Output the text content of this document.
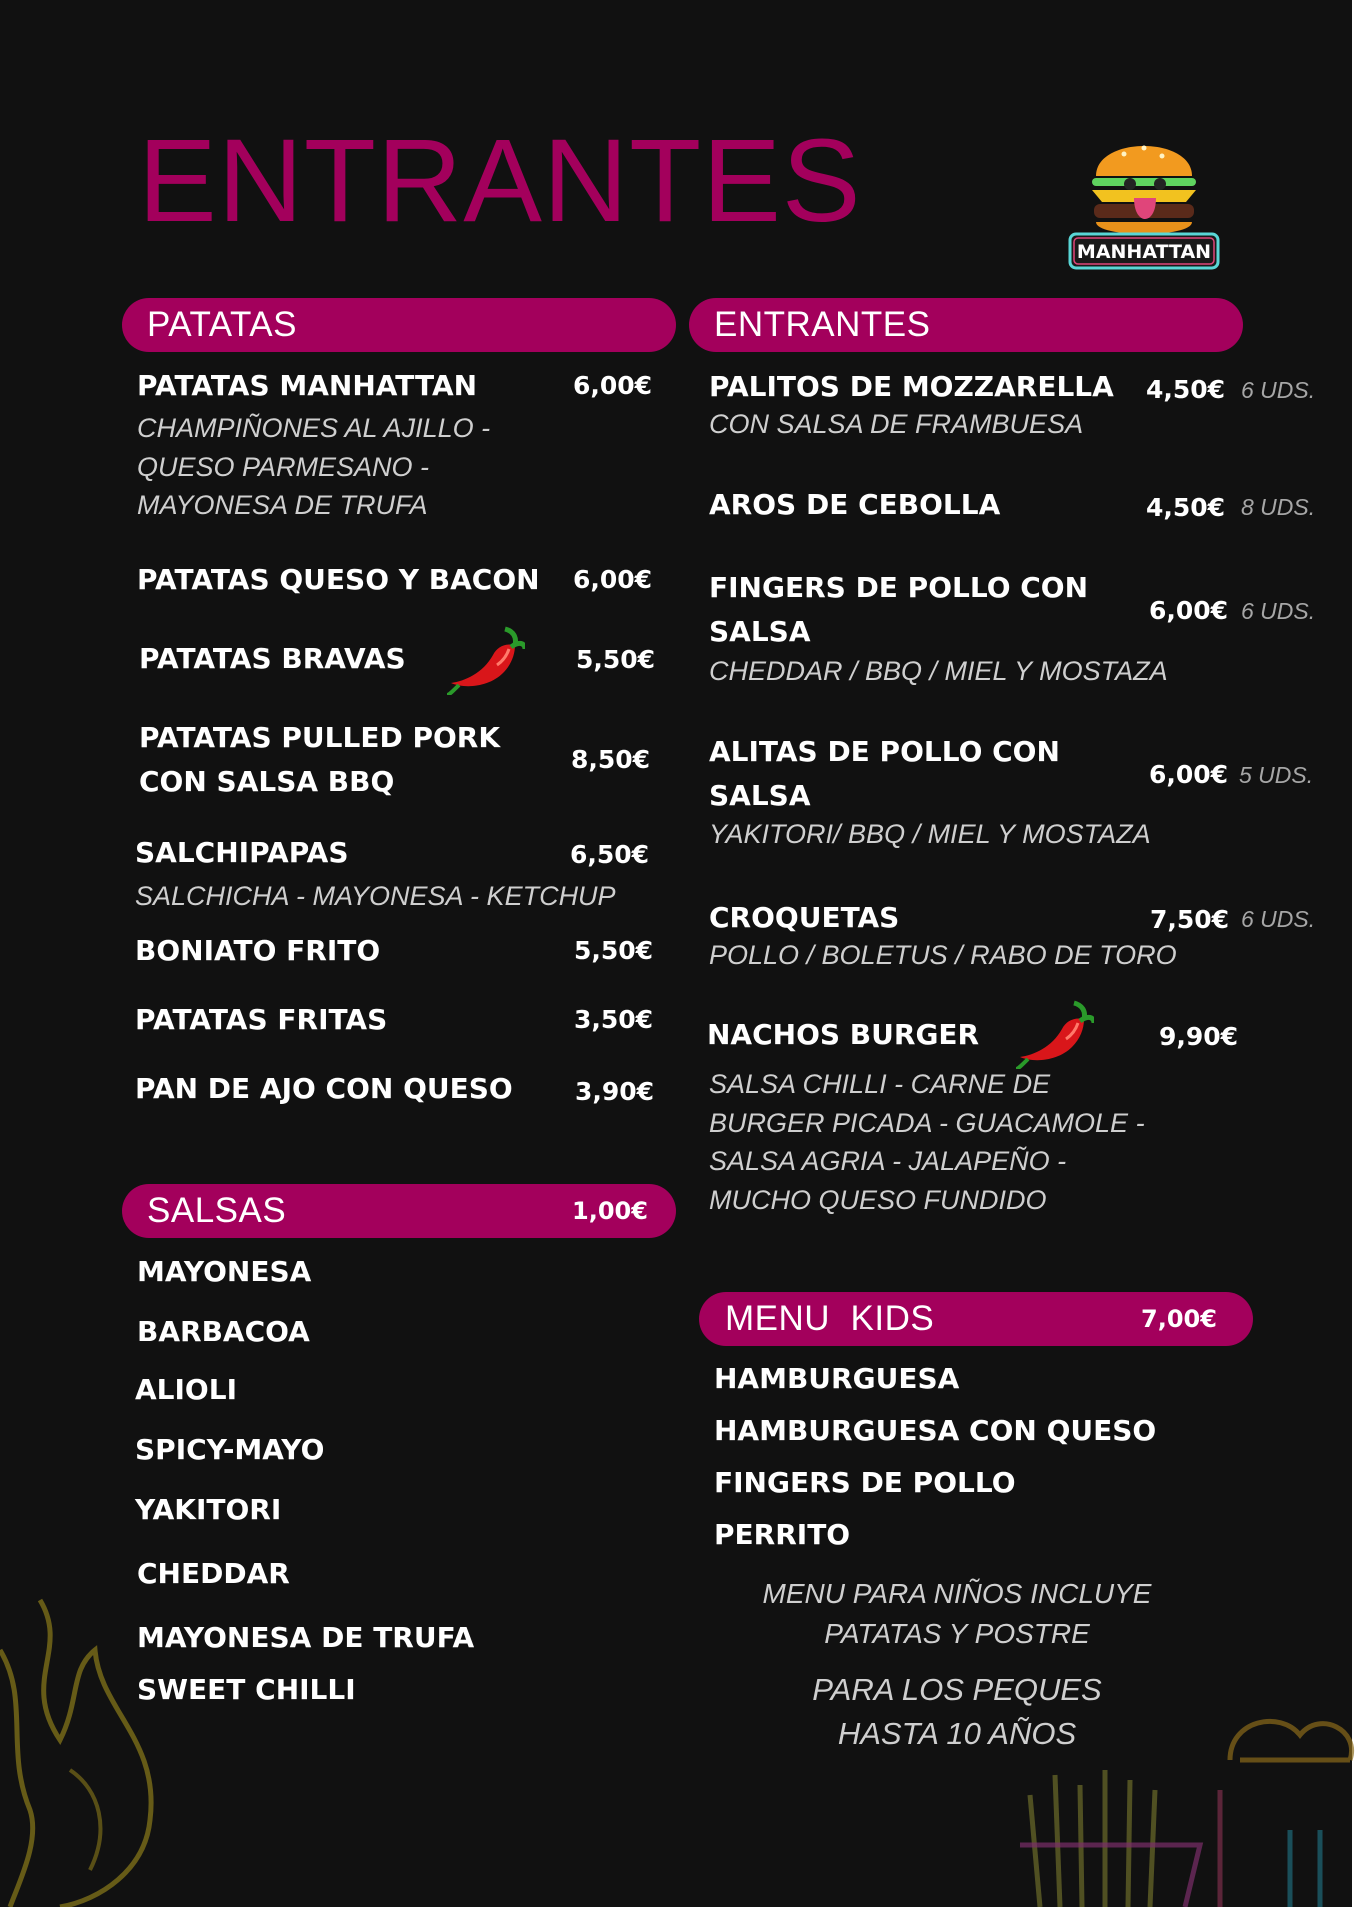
ENTRANTES
MANHATTAN
PATATAS	ENTRANTES
PATATAS MANHATTAN	6,00€
CHAMPIÑONES AL AJILLO -
QUESO PARMESANO -
MAYONESA DE TRUFA
PATATAS QUESO Y BACON 6,00€
PATATAS BRAVAS	5,50€
PATATAS PULLED PORK
CON SALSA BBQ
8,50€
SALCHIPAPAS	6,50€
SALCHICHA - MAYONESA - KETCHUP
BONIATO FRITO	5,50€
PATATAS FRITAS	3,50€
PAN DE AJO CON QUESO 3,90€
SALSAS	1,00€
MAYONESA
BARBACOA
ALIOLI
SPICY-MAYO
YAKITORI
CHEDDAR
MAYONESA DE TRUFA
SWEET CHILLI
PALITOS DE MOZZARELLA 4,50€ 6 UDS.
CON SALSA DE FRAMBUESA
AROS DE CEBOLLA	4,50€ 8 UDS.
FINGERS DE POLLO CON
SALSA
6,00€ 6 UDS.
CHEDDAR / BBQ / MIEL Y MOSTAZA
ALITAS DE POLLO CON
SALSA
6,00€ 5 UDS.
YAKITORI/ BBQ / MIEL Y MOSTAZA
CROQUETAS	7,50€ 6 UDS.
POLLO / BOLETUS / RABO DE TORO
NACHOS BURGER	9,90€
SALSA CHILLI - CARNE DE
BURGER PICADA - GUACAMOLE -
SALSA AGRIA - JALAPEÑO -
MUCHO QUESO FUNDIDO
MENU  KIDS	7,00€
HAMBURGUESA
HAMBURGUESA CON QUESO
FINGERS DE POLLO
PERRITO
MENU PARA NIÑOS INCLUYE
PATATAS Y POSTRE
PARA LOS PEQUES
HASTA 10 AÑOS
